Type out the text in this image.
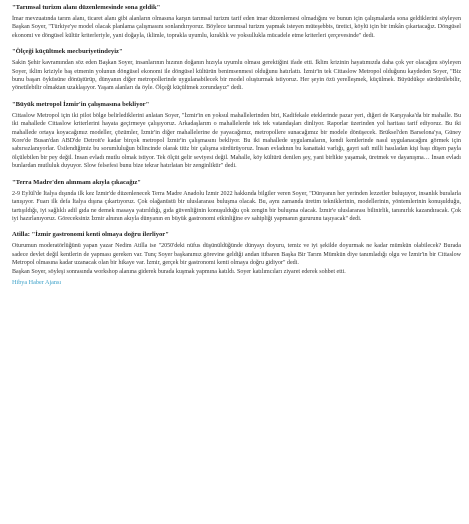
"Tarımsal turizm alanı düzenlemesinde sona geldik"

İmar mevzuatında tarım alanı, ticaret alanı gibi alanların olmasına karşın tarımsal turizm tarif eden imar düzenlemesi olmadığını ve bunun için çalışmalarda sona geldiklerini söyleyen Başkan Soyer, "Türkiye'ye model olacak planlama çalışmasını sonlandırıyoruz. Böylece tarımsal turizm yapmak isteyen müteşebbis, üretici, köylü için bir imkân çıkartacağız. Döngüsel ekonomi ve döngüsel kültür kriterleriyle, yani doğayla, iklimle, toprakla uyumlu, kıraklık ve yoksullukla mücadele etme kriterleri çerçevesinde" dedi.

"Ölçeği küçültmek mecburiyetindeyiz"

Sakin Şehir kavramından söz eden Başkan Soyer, insanlarının hızının doğanın hızıyla uyumlu olması gerektiğini ifade etti. İklim krizinin hayatımızda daha çok yer olacağını söyleyen Soyer, iklim kriziyle baş etmenin yolunun döngüsel ekonomi ile döngüsel kültürün benimsenmesi olduğunu hatırlattı. İzmir'in tek Cittaslow Metropol olduğunu kaydeden Soyer, "Biz bunu başarı öyküsüne dönüştürüp, dünyanın diğer metropollerinde uygulanabilecek bir model oluşturmak istiyoruz. Her şeyin özü yerelleşmek, küçülmek. Büyüdükçe sürdürülebilir, yönetilebilir olmaktan uzaklaşıyor. Yaşam alanları da öyle. Ölçeği küçültmek zorundayız" dedi.

"Büyük metropol İzmir'in çalışmasına bekliyor"

Cittaslow Metropol için iki pilot bölge belirlediklerini anlatan Soyer, "İzmir'in en yoksul mahallelerinden biri, Kadifekale eteklerinde pazar yeri, diğeri de Karşıyaka'da bir mahalle. Bu iki mahallede Cittaslow kriterlerini hayata geçirmeye çalışıyoruz. Arkadaşlarım o mahallelerde tek tek vatandaşları dinliyor. Raporlar üzerinden yol haritası tarif ediyoruz. Bu iki mahallede ortaya koyacağımız modeller, çözümler, İzmir'in diğer mahallelerine de yayacağımız, metropollere sunacağımız bir modele dönüşecek. Brüksel'den Barselona'ya, Güney Kore'de Busan'dan ABD'de Detroit'e kadar birçok metropol İzmir'in çalışmasını bekliyor. Bu iki mahallede uygulamaların, kendi kentlerinde nasıl uygulanacağını görmek için sabırsızlanıyorlar. Üstlendiğimiz bu sorumluluğun bilincinde olarak titiz bir çalışma sürdürüyoruz. İnsan evladının bu kanattaki varlığı, gayri safi milli hasıladan kişi başı düşen payla ölçülebilen bir pey değil. İnsan evladı mutlu olmak istiyor. Tek ölçüt gelir seviyesi değil. Mahalle, köy kültürü denilen şey, yani birlikte yaşamak, üretmek ve dayanışma… İnsan evladı bunlardan mutluluk duyuyor. Slow felsefesi bunu bize tekrar hatırlatan bir zenginliktir" dedi.

"Terra Madre'den alınmam akıyla çıkacağız"

2-9 Eylül'de İtalya dışında ilk kez İzmir'de düzenlenecek Terra Madre Anadolu İzmir 2022 hakkında bilgiler veren Soyer, "Dünyanın her yerinden lezzetler buluşuyor, insanlık buralarla tanışıyor. Fuarı ilk defa İtalya dışına çıkartıyoruz. Çok olağanüstü bir uluslararası buluşma olacak. Bu, aynı zamanda üretim tekniklerinin, modellerinin, yöntemlerinin konuşulduğu, tartışıldığı, iyi sağlıklı adil gıda ne demek masaya yatırıldığı, gıda güvenliğinin konuşulduğu çok zengin bir buluşma olacak. İzmir'e uluslararası bilinirlik, tanınırlık kazandıracak. Çok iyi hazırlanıyoruz. Göreceksiniz İzmir alnının akıyla dünyanın en büyük gastronomi etkinliğine ev sahipliği yapmanın gururunu taşıyacak" dedi.

Atilla: "İzmir gastronomi kenti olmaya doğru ilerliyor"

Oturumun moderatörlüğünü yapan yazar Nedim Atilla ise "2050'deki nüfus düşünüldüğünde dünyayı doyuru, temiz ve iyi şekilde doyurmak ne kadar mümkün olabilecek? Burada sadece devlet değil kentlerin de yapması gereken var. Tunç Soyer başkanımız görevine geldiği andan itibaren Başka Bir Tarım Mümkün diye tanımladığı olgu ve İzmir'in bir Cittaslow Metropol olmasına kadar uzanacak olan bir hikaye var. İzmir, gerçek bir gastronomi kenti olmaya doğru gidiyor" dedi.

Başkan Soyer, söyleşi sonrasında workshop alanına giderek burada kuşmak yapmına katıldı. Soyer katılımcıları ziyaret ederek sohbet etti.

Hibya Haber Ajansı
